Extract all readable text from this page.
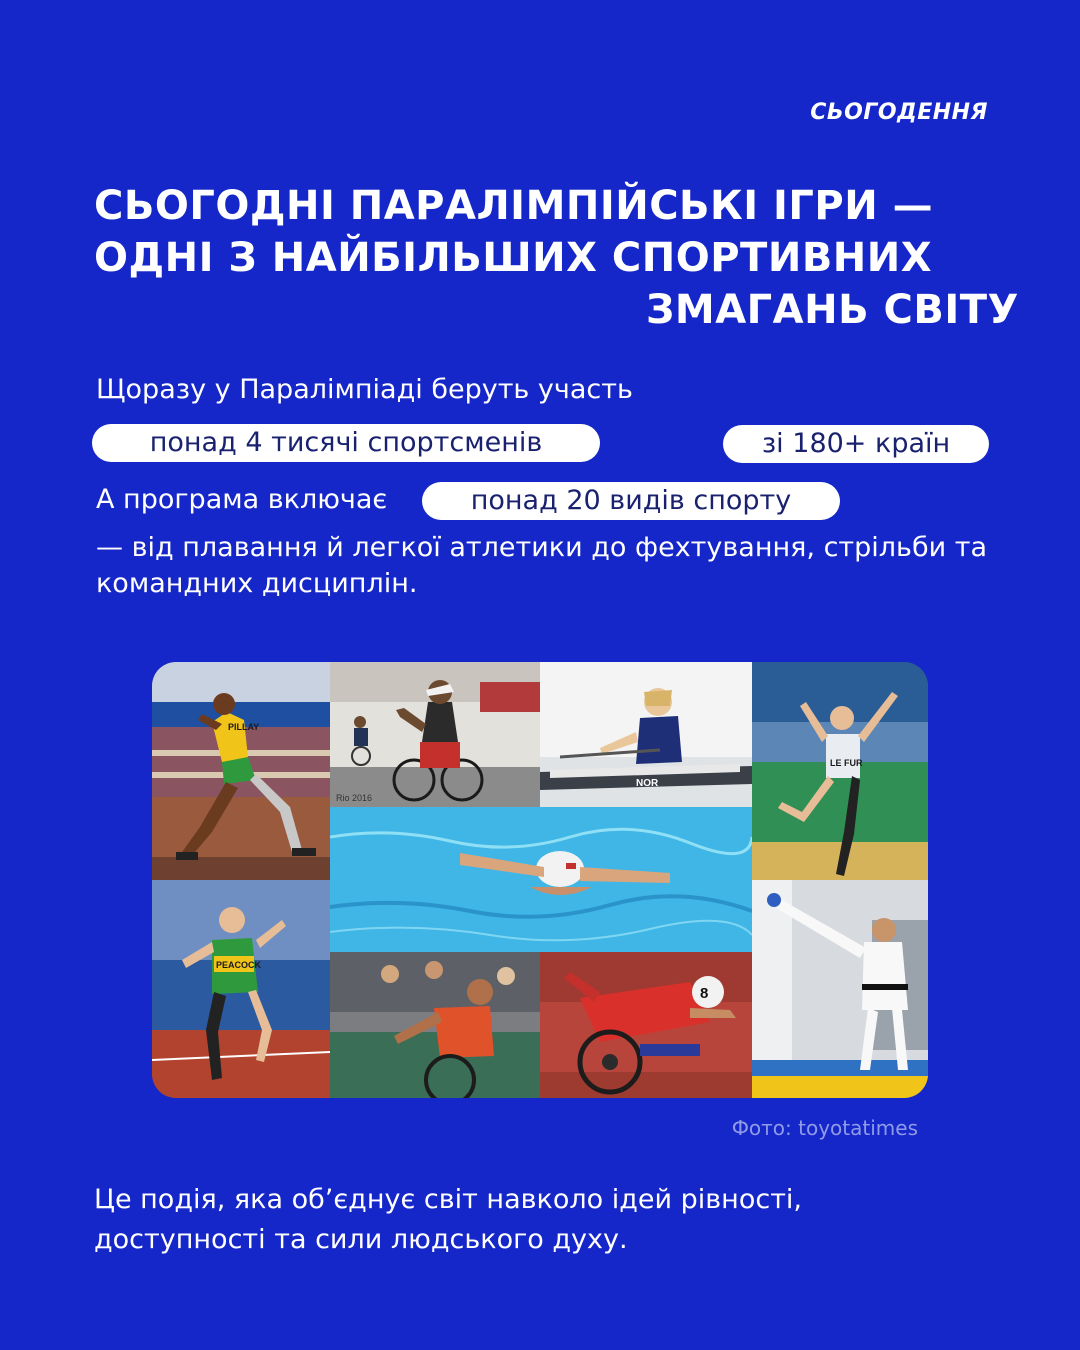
СЬОГОДЕННЯ
СЬОГОДНІ ПАРАЛІМПІЙСЬКІ ІГРИ —
ОДНІ З НАЙБІЛЬШИХ СПОРТИВНИХ
ЗМАГАНЬ СВІТУ
Щоразу у Паралімпіаді беруть участь
понад 4 тисячі спортсменів	зі 180+ країн
А програма включає	понад 20 видів спорту
— від плавання й легкої атлетики до фехтування, стрільби та
командних дисциплін.
PILLAY
Rio 2016
NOR
LE FUR
PEACOCK
8
Фото: toyotatimes
Це подія, яка об’єднує світ навколо ідей рівності,
доступності та сили людського духу.
